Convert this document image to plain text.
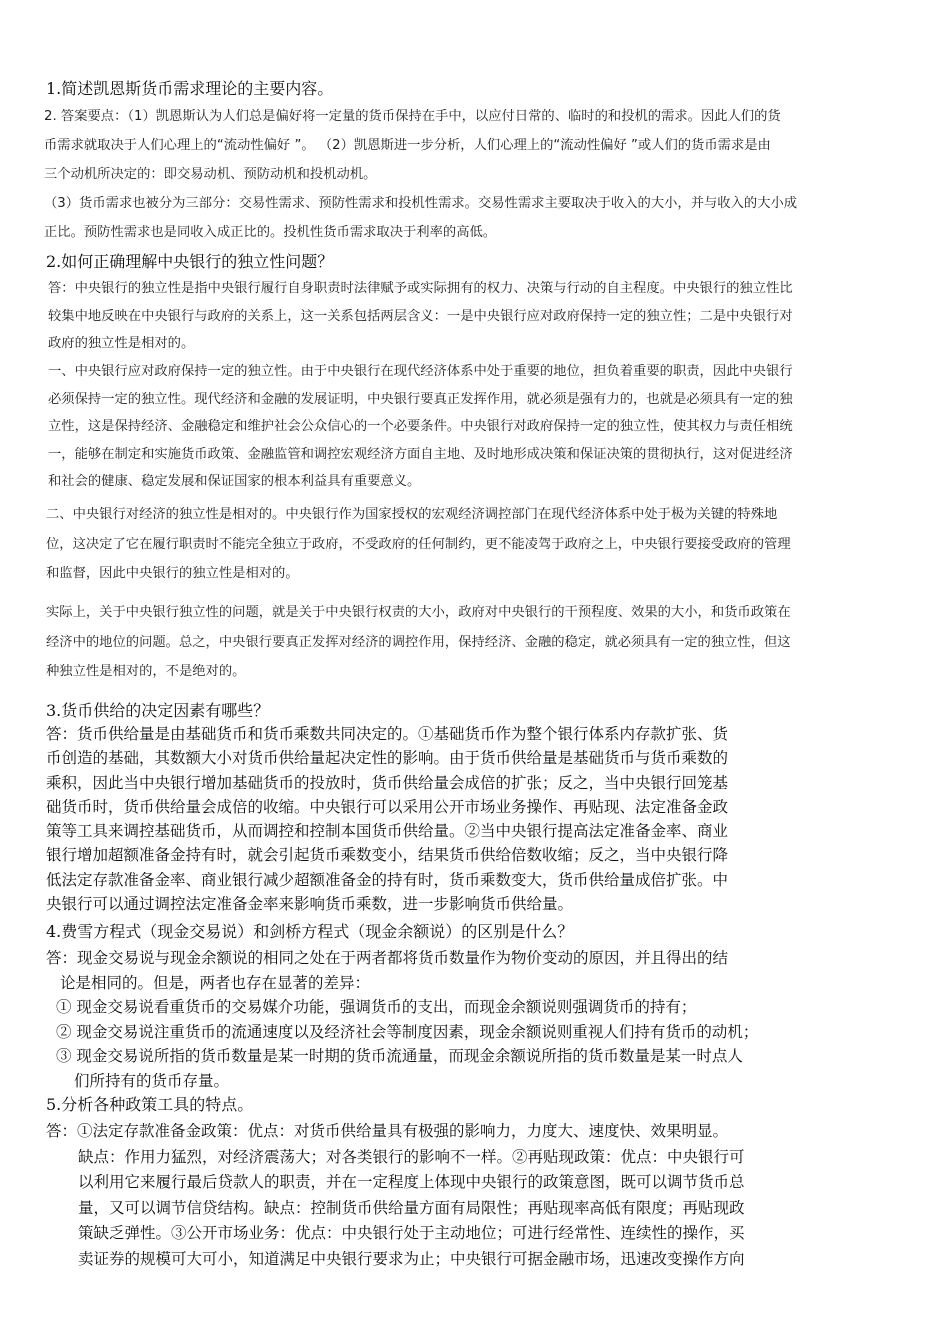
1.简述凯恩斯货币需求理论的主要内容。
2. 答案要点：（1）凯恩斯认为人们总是偏好将一定量的货币保持在手中，以应付日常的、临时的和投机的需求。因此人们的货
币需求就取决于人们心理上的“流动性偏好 ”。 （2）凯恩斯进一步分析，人们心理上的“流动性偏好 ”或人们的货币需求是由
三个动机所决定的：即交易动机、预防动机和投机动机。
（3）货币需求也被分为三部分：交易性需求、预防性需求和投机性需求。交易性需求主要取决于收入的大小，并与收入的大小成
正比。预防性需求也是同收入成正比的。投机性货币需求取决于利率的高低。
2.如何正确理解中央银行的独立性问题？
答：中央银行的独立性是指中央银行履行自身职责时法律赋予或实际拥有的权力、决策与行动的自主程度。中央银行的独立性比
较集中地反映在中央银行与政府的关系上，这一关系包括两层含义：一是中央银行应对政府保持一定的独立性；二是中央银行对
政府的独立性是相对的。
一、中央银行应对政府保持一定的独立性。由于中央银行在现代经济体系中处于重要的地位，担负着重要的职责，因此中央银行
必须保持一定的独立性。现代经济和金融的发展证明，中央银行要真正发挥作用，就必须是强有力的，也就是必须具有一定的独
立性，这是保持经济、金融稳定和维护社会公众信心的一个必要条件。中央银行对政府保持一定的独立性，使其权力与责任相统
一，能够在制定和实施货币政策、金融监管和调控宏观经济方面自主地、及时地形成决策和保证决策的贯彻执行，这对促进经济
和社会的健康、稳定发展和保证国家的根本利益具有重要意义。
二、中央银行对经济的独立性是相对的。中央银行作为国家授权的宏观经济调控部门在现代经济体系中处于极为关键的特殊地
位，这决定了它在履行职责时不能完全独立于政府，不受政府的任何制约，更不能凌驾于政府之上，中央银行要接受政府的管理
和监督，因此中央银行的独立性是相对的。
实际上，关于中央银行独立性的问题，就是关于中央银行权责的大小，政府对中央银行的干预程度、效果的大小，和货币政策在
经济中的地位的问题。总之，中央银行要真正发挥对经济的调控作用，保持经济、金融的稳定，就必须具有一定的独立性，但这
种独立性是相对的，不是绝对的。
3.货币供给的决定因素有哪些？
答：货币供给量是由基础货币和货币乘数共同决定的。①基础货币作为整个银行体系内存款扩张、货
币创造的基础，其数额大小对货币供给量起决定性的影响。由于货币供给量是基础货币与货币乘数的
乘积，因此当中央银行增加基础货币的投放时，货币供给量会成倍的扩张；反之，当中央银行回笼基
础货币时，货币供给量会成倍的收缩。中央银行可以采用公开市场业务操作、再贴现、法定准备金政
策等工具来调控基础货币，从而调控和控制本国货币供给量。②当中央银行提高法定准备金率、商业
银行增加超额准备金持有时，就会引起货币乘数变小，结果货币供给倍数收缩；反之，当中央银行降
低法定存款准备金率、商业银行减少超额准备金的持有时，货币乘数变大，货币供给量成倍扩张。中
央银行可以通过调控法定准备金率来影响货币乘数，进一步影响货币供给量。
4.费雪方程式（现金交易说）和剑桥方程式（现金余额说）的区别是什么？
答：现金交易说与现金余额说的相同之处在于两者都将货币数量作为物价变动的原因，并且得出的结
论是相同的。但是，两者也存在显著的差异：
① 现金交易说看重货币的交易媒介功能，强调货币的支出，而现金余额说则强调货币的持有；
② 现金交易说注重货币的流通速度以及经济社会等制度因素，现金余额说则重视人们持有货币的动机；
③ 现金交易说所指的货币数量是某一时期的货币流通量，而现金余额说所指的货币数量是某一时点人
们所持有的货币存量。
5.分析各种政策工具的特点。
答：①法定存款准备金政策：优点：对货币供给量具有极强的影响力，力度大、速度快、效果明显。
缺点：作用力猛烈，对经济震荡大；对各类银行的影响不一样。②再贴现政策：优点：中央银行可
以利用它来履行最后贷款人的职责，并在一定程度上体现中央银行的政策意图，既可以调节货币总
量，又可以调节信贷结构。缺点：控制货币供给量方面有局限性；再贴现率高低有限度；再贴现政
策缺乏弹性。③公开市场业务：优点：中央银行处于主动地位；可进行经常性、连续性的操作，买
卖证券的规模可大可小，知道满足中央银行要求为止；中央银行可据金融市场，迅速改变操作方向
